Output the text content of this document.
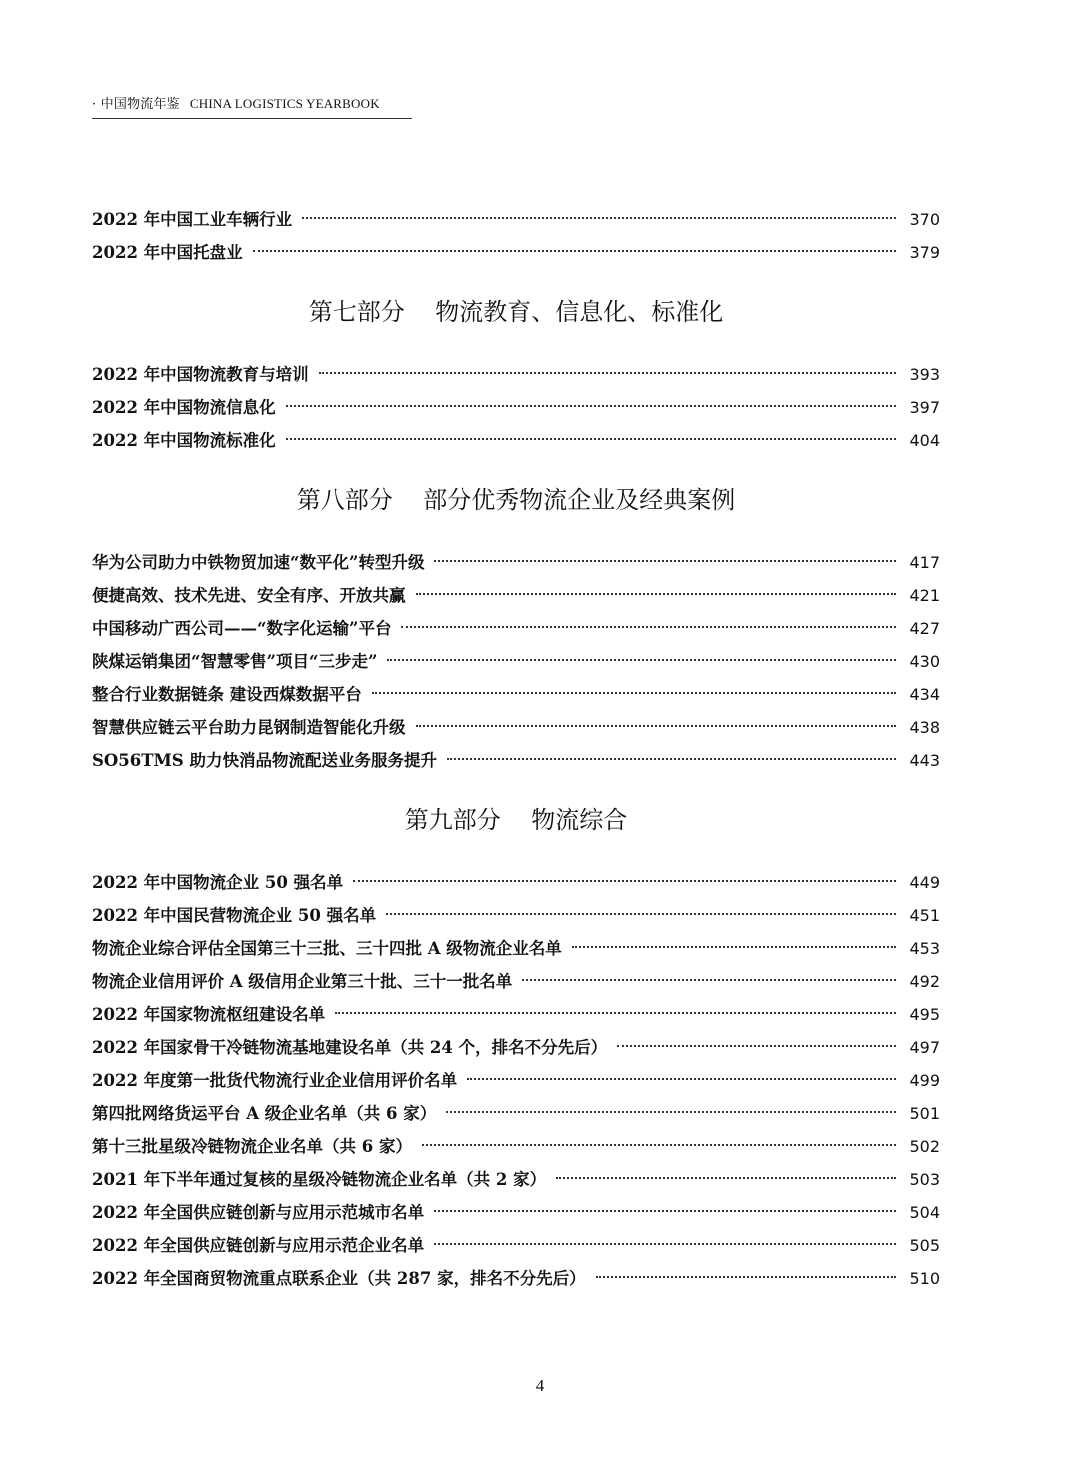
· 中国物流年鉴 CHINA LOGISTICS YEARBOOK
2022 年中国工业车辆行业	370
2022 年中国托盘业	379
第七部分    物流教育、信息化、标准化
2022 年中国物流教育与培训	393
2022 年中国物流信息化	397
2022 年中国物流标准化	404
第八部分    部分优秀物流企业及经典案例
华为公司助力中铁物贸加速“数平化”转型升级	417
便捷高效、技术先进、安全有序、开放共赢	421
中国移动广西公司——“数字化运输”平台	427
陕煤运销集团“智慧零售”项目“三步走”	430
整合行业数据链条 建设西煤数据平台	434
智慧供应链云平台助力昆钢制造智能化升级	438
SO56TMS 助力快消品物流配送业务服务提升	443
第九部分    物流综合
2022 年中国物流企业 50 强名单	449
2022 年中国民营物流企业 50 强名单	451
物流企业综合评估全国第三十三批、三十四批 A 级物流企业名单	453
物流企业信用评价 A 级信用企业第三十批、三十一批名单	492
2022 年国家物流枢纽建设名单	495
2022 年国家骨干冷链物流基地建设名单（共 24 个，排名不分先后）	497
2022 年度第一批货代物流行业企业信用评价名单	499
第四批网络货运平台 A 级企业名单（共 6 家）	501
第十三批星级冷链物流企业名单（共 6 家）	502
2021 年下半年通过复核的星级冷链物流企业名单（共 2 家）	503
2022 年全国供应链创新与应用示范城市名单	504
2022 年全国供应链创新与应用示范企业名单	505
2022 年全国商贸物流重点联系企业（共 287 家，排名不分先后）	510
4
